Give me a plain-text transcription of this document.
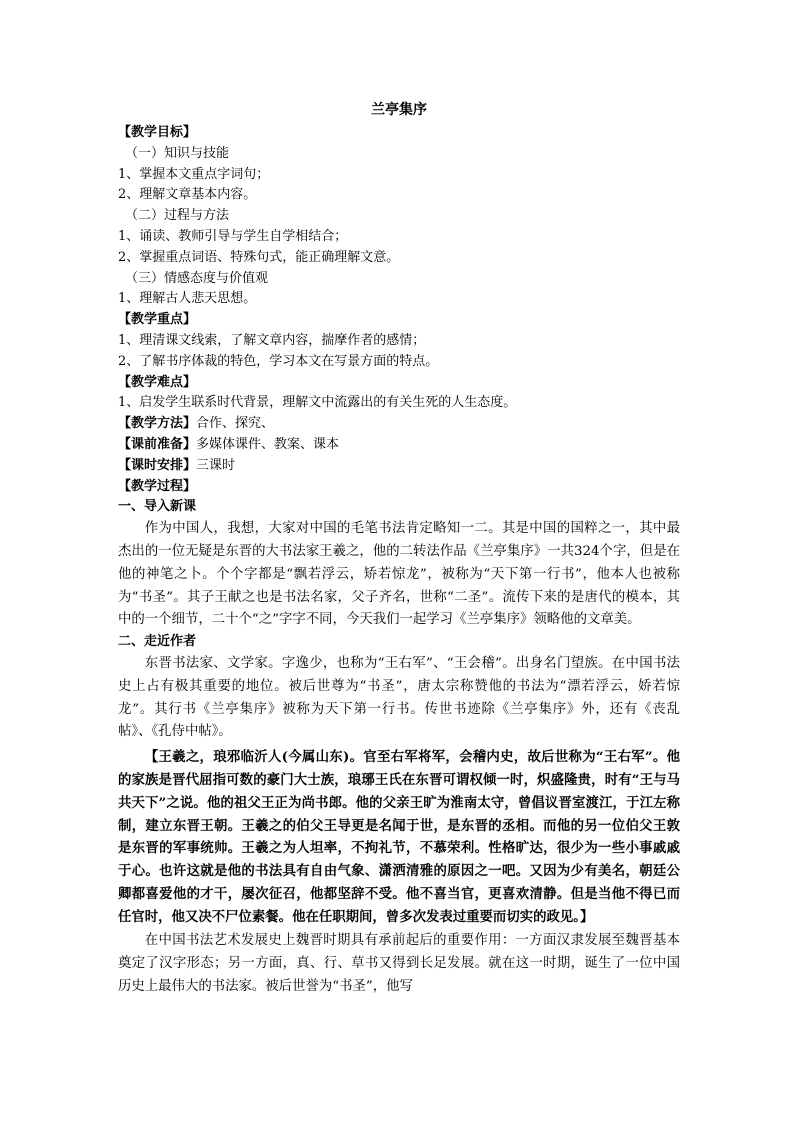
兰亭集序

【教学目标】

（一）知识与技能

1、掌握本文重点字词句；

2、理解文章基本内容。

（二）过程与方法

1、诵读、教师引导与学生自学相结合；

2、掌握重点词语、特殊句式，能正确理解文意。

（三）情感态度与价值观

1、理解古人悲天思想。

【教学重点】

1、理清课文线索，了解文章内容，揣摩作者的感情；

2、了解书序体裁的特色，学习本文在写景方面的特点。

【教学难点】

1、启发学生联系时代背景，理解文中流露出的有关生死的人生态度。

【教学方法】合作、探究、

【课前准备】多媒体课件、教案、课本

【课时安排】三课时

【教学过程】

一、导入新课

作为中国人，我想，大家对中国的毛笔书法肯定略知一二。其是中国的国粹之一，其中最杰出的一位无疑是东晋的大书法家王羲之，他的二转法作品《兰亭集序》一共324个字，但是在他的神笔之卜。个个字都是“飘若浮云，矫若惊龙”，被称为“天下第一行书”，他本人也被称为“书圣”。其子王献之也是书法名家，父子齐名，世称“二圣”。流传下来的是唐代的模本，其中的一个细节，二十个“之”字字不同，今天我们一起学习《兰亭集序》领略他的文章美。

二、走近作者

东晋书法家、文学家。字逸少，也称为“王右军”、“王会稽”。出身名门望族。在中国书法史上占有极其重要的地位。被后世尊为“书圣”，唐太宗称赞他的书法为“漂若浮云，娇若惊龙”。其行书《兰亭集序》被称为天下第一行书。传世书迹除《兰亭集序》外，还有《丧乱帖》、《孔侍中帖》。

【王羲之，琅邪临沂人(今属山东)。官至右军将军，会稽内史，故后世称为“王右军”。他的家族是晋代屈指可数的豪门大士族，琅琊王氏在东晋可谓权倾一时，炽盛隆贵，时有“王与马共天下”之说。他的祖父王正为尚书郎。他的父亲王旷为淮南太守，曾倡议晋室渡江，于江左称制，建立东晋王朝。王羲之的伯父王导更是名闻于世，是东晋的丞相。而他的另一位伯父王敦是东晋的军事统帅。王羲之为人坦率，不拘礼节，不慕荣利。性格旷达，很少为一些小事戚戚于心。也许这就是他的书法具有自由气象、潇洒清雅的原因之一吧。又因为少有美名，朝廷公卿都喜爱他的才干，屡次征召，他都坚辞不受。他不喜当官，更喜欢清静。但是当他不得已而任官时，他又决不尸位素餐。他在任职期间，曾多次发表过重要而切实的政见。】

在中国书法艺术发展史上魏晋时期具有承前起后的重要作用：一方面汉隶发展至魏晋基本奠定了汉字形态；另一方面，真、行、草书又得到长足发展。就在这一时期，诞生了一位中国历史上最伟大的书法家。被后世誉为“书圣”，他写
